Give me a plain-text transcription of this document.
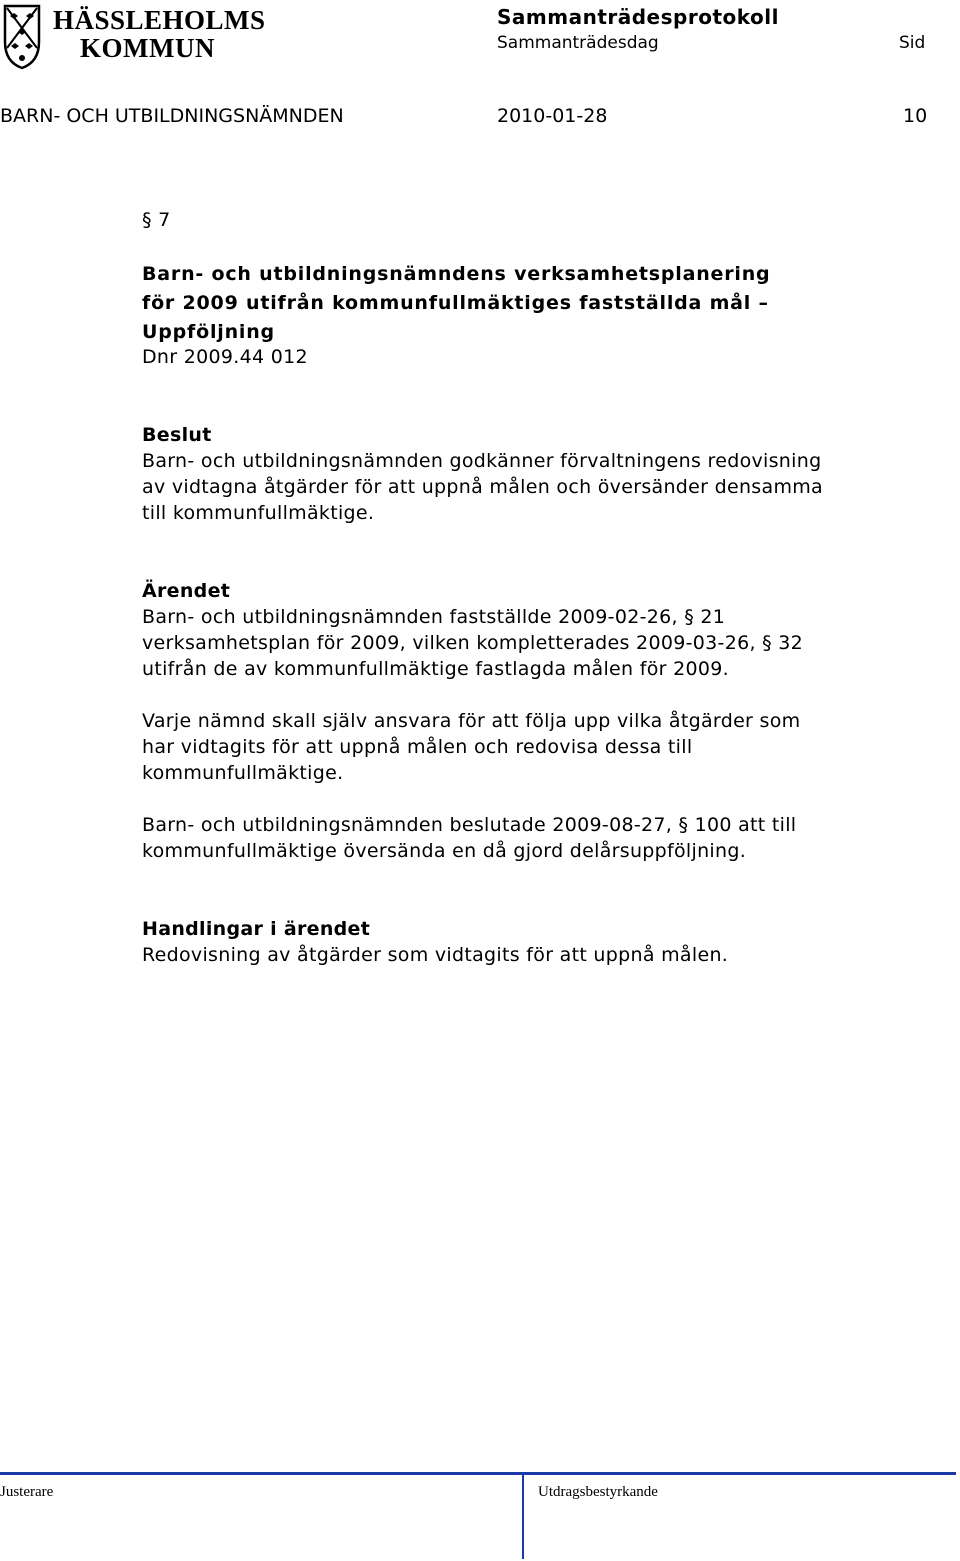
HÄSSLEHOLMS
KOMMUN
Sammanträdesprotokoll
Sammanträdesdag	Sid
BARN- OCH UTBILDNINGSNÄMNDEN	2010-01-28	10
§ 7
Barn- och utbildningsnämndens verksamhetsplanering
för 2009 utifrån kommunfullmäktiges fastställda mål –
Uppföljning
Dnr 2009.44 012
Beslut
Barn- och utbildningsnämnden godkänner förvaltningens redovisning
av vidtagna åtgärder för att uppnå målen och översänder densamma
till kommunfullmäktige.
Ärendet
Barn- och utbildningsnämnden fastställde 2009-02-26, § 21
verksamhetsplan för 2009, vilken kompletterades 2009-03-26, § 32
utifrån de av kommunfullmäktige fastlagda målen för 2009.
Varje nämnd skall själv ansvara för att följa upp vilka åtgärder som
har vidtagits för att uppnå målen och redovisa dessa till
kommunfullmäktige.
Barn- och utbildningsnämnden beslutade 2009-08-27, § 100 att till
kommunfullmäktige översända en då gjord delårsuppföljning.
Handlingar i ärendet
Redovisning av åtgärder som vidtagits för att uppnå målen.
Justerare	Utdragsbestyrkande
